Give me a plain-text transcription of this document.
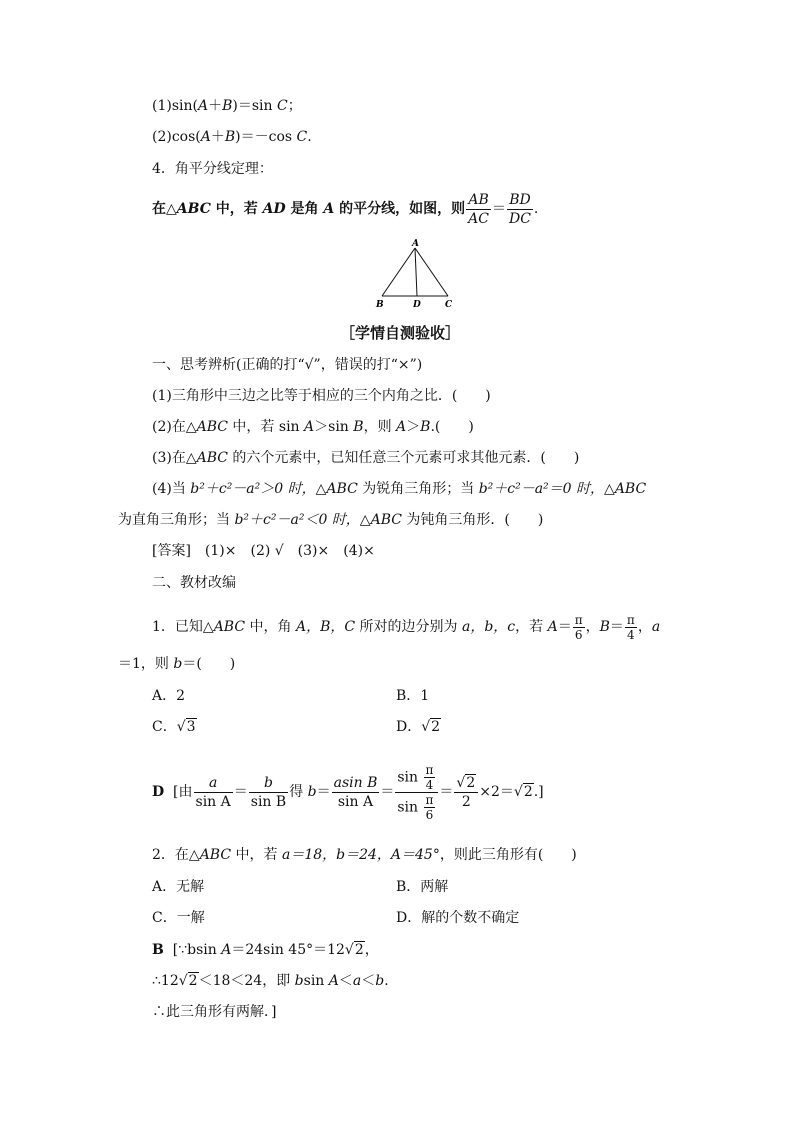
(1)sin(A＋B)＝sin C；
(2)cos(A＋B)＝－cos C.
4．角平分线定理：
在△ABC 中，若 AD 是角 A 的平分线，如图，则 $\frac{AB}{AC} = \frac{BD}{DC}$ .
A
B	D	C
［学情自测验收］
一、思考辨析(正确的打“√”，错误的打“×”)
(1)三角形中三边之比等于相应的三个内角之比．(　　)
(2)在△ABC 中，若 sin A＞sin B，则 A＞B.(　　)
(3)在△ABC 的六个元素中，已知任意三个元素可求其他元素．(　　)
(4)当 b²＋c²－a²＞0 时，△ABC 为锐角三角形；当 b²＋c²－a²＝0 时，△ABC
为直角三角形；当 b²＋c²－a²＜0 时，△ABC 为钝角三角形．(　　)
[答案]　(1)×　(2) √　(3)×　(4)×
二、教材改编
1．已知△ABC 中，角 A，B，C 所对的边分别为 a，b，c，若 $A= \frac{\pi}{6}$ ，$B= \frac{\pi}{4}$ ，a
＝1，则 b＝(　　)
A．2	B．1
C．√3	D．√2
D [由 $\frac{a}{\text{sin A}} = \frac{b}{\text{sin B}}$ 得 $b= \frac{\text{asin B}}{\text{sin A}} = \frac{\sin \frac{\pi}{4}}{\sin \frac{\pi}{6}} = \frac{√2}{2} \times 2=√2$.]
2．在△ABC 中，若 a＝18，b＝24，A＝45°，则此三角形有(　　)
A．无解	B．两解
C．一解	D．解的个数不确定
B [∵bsin A＝24sin 45°＝12√2，
∴12√2＜18＜24，即 bsin A＜a＜b.
∴此三角形有两解．]
